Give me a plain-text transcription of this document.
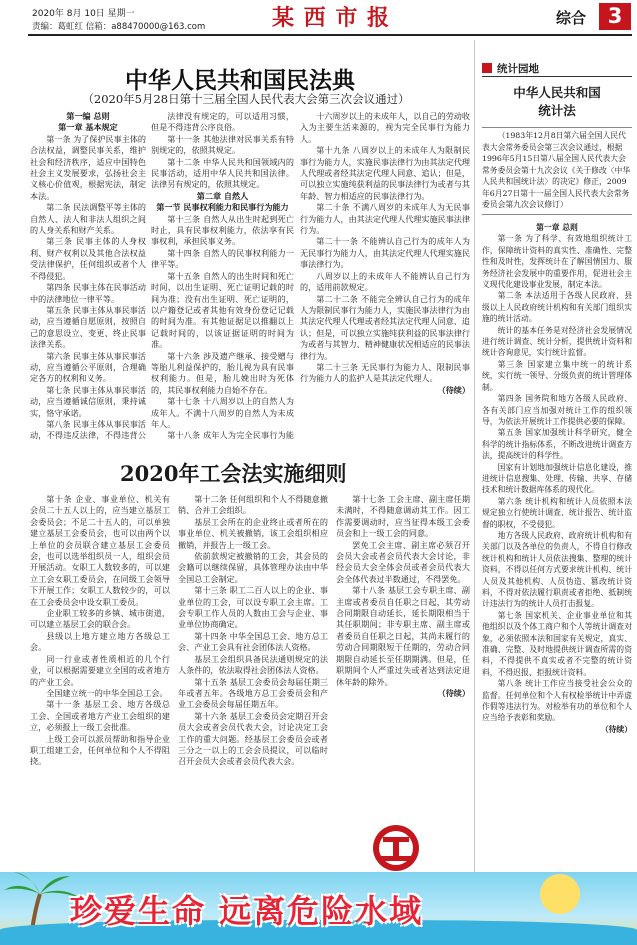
2020年 8月 10日 星期一
责编：葛虹红 信箱：a88470000@163.com	某 西 市 报	综合	3
中华人民共和国民法典
（2020年5月28日第十三届全国人民代表大会第三次会议通过）

第一编 总则

第一章 基本规定

第一条 为了保护民事主体的合法权益，调整民事关系，维护社会和经济秩序，适应中国特色社会主义发展要求，弘扬社会主义核心价值观，根据宪法，制定本法。

第二条 民法调整平等主体的自然人、法人和非法人组织之间的人身关系和财产关系。

第三条 民事主体的人身权利、财产权利以及其他合法权益受法律保护，任何组织或者个人不得侵犯。

第四条 民事主体在民事活动中的法律地位一律平等。

第五条 民事主体从事民事活动，应当遵循自愿原则，按照自己的意思设立、变更、终止民事法律关系。

第六条 民事主体从事民事活动，应当遵循公平原则，合理确定各方的权利和义务。

第七条 民事主体从事民事活动，应当遵循诚信原则，秉持诚实，恪守承诺。

第八条 民事主体从事民事活动，不得违反法律，不得违背公

法律没有规定的，可以适用习惯，但是不得违背公序良俗。

第十一条 其他法律对民事关系有特别规定的，依照其规定。

第十二条 中华人民共和国领域内的民事活动，适用中华人民共和国法律。法律另有规定的，依照其规定。

第二章 自然人

第一节 民事权利能力和民事行为能力

第十三条 自然人从出生时起到死亡时止，具有民事权利能力，依法享有民事权利，承担民事义务。

第十四条 自然人的民事权利能力一律平等。

第十五条 自然人的出生时间和死亡时间，以出生证明、死亡证明记载的时间为准；没有出生证明、死亡证明的，以户籍登记或者其他有效身份登记记载的时间为准。有其他证据足以推翻以上记载时间的，以该证据证明的时间为准。

第十六条 涉及遗产继承、接受赠与等胎儿利益保护的，胎儿视为具有民事权利能力。但是，胎儿娩出时为死体的，其民事权利能力自始不存在。

第十七条 十八周岁以上的自然人为成年人。不满十八周岁的自然人为未成年人。

第十八条 成年人为完全民事行为能

十六周岁以上的未成年人，以自己的劳动收入为主要生活来源的，视为完全民事行为能力人。

第十九条 八周岁以上的未成年人为限制民事行为能力人，实施民事法律行为由其法定代理人代理或者经其法定代理人同意、追认；但是，可以独立实施纯获利益的民事法律行为或者与其年龄、智力相适应的民事法律行为。

第二十条 不满八周岁的未成年人为无民事行为能力人，由其法定代理人代理实施民事法律行为。

第二十一条 不能辨认自己行为的成年人为无民事行为能力人，由其法定代理人代理实施民事法律行为。

八周岁以上的未成年人不能辨认自己行为的，适用前款规定。

第二十二条 不能完全辨认自己行为的成年人为限制民事行为能力人，实施民事法律行为由其法定代理人代理或者经其法定代理人同意、追认；但是，可以独立实施纯获利益的民事法律行为或者与其智力、精神健康状况相适应的民事法律行为。

第二十三条 无民事行为能力人、限制民事行为能力人的监护人是其法定代理人。

（待续）

2020年工会法实施细则

第十条 企业、事业单位、机关有会员二十五人以上的，应当建立基层工会委员会；不足二十五人的，可以单独建立基层工会委员会，也可以由两个以上单位的会员联合建立基层工会委员会，也可以选举组织员一人，组织会员开展活动。女职工人数较多的，可以建立工会女职工委员会，在同级工会领导下开展工作；女职工人数较少的，可以在工会委员会中设女职工委员。

企业职工较多的乡镇、城市街道，可以建立基层工会的联合会。

县级以上地方建立地方各级总工会。

同一行业或者性质相近的几个行业，可以根据需要建立全国的或者地方的产业工会。

全国建立统一的中华全国总工会。

第十一条 基层工会、地方各级总工会、全国或者地方产业工会组织的建立，必须报上一级工会批准。

上级工会可以派员帮助和指导企业职工组建工会，任何单位和个人不得阻挠。

第十二条 任何组织和个人不得随意撤销、合并工会组织。

基层工会所在的企业终止或者所在的事业单位、机关被撤销，该工会组织相应撤销，并报告上一级工会。

依前款规定被撤销的工会，其会员的会籍可以继续保留，具体管理办法由中华全国总工会制定。

第十三条 职工二百人以上的企业、事业单位的工会，可以设专职工会主席。工会专职工作人员的人数由工会与企业、事业单位协商确定。

第十四条 中华全国总工会、地方总工会、产业工会具有社会团体法人资格。

基层工会组织具备民法通则规定的法人条件的，依法取得社会团体法人资格。

第十五条 基层工会委员会每届任期三年或者五年。各级地方总工会委员会和产业工会委员会每届任期五年。

第十六条 基层工会委员会定期召开会员大会或者会员代表大会，讨论决定工会工作的重大问题。经基层工会委员会或者三分之一以上的工会会员提议，可以临时召开会员大会或者会员代表大会。

第十七条 工会主席、副主席任期未满时，不得随意调动其工作。因工作需要调动时，应当征得本级工会委员会和上一级工会的同意。

罢免工会主席、副主席必须召开会员大会或者会员代表大会讨论，非经会员大会全体会员或者会员代表大会全体代表过半数通过，不得罢免。

第十八条 基层工会专职主席、副主席或者委员自任职之日起，其劳动合同期限自动延长，延长期限相当于其任职期间；非专职主席、副主席或者委员自任职之日起，其尚未履行的劳动合同期限短于任期的，劳动合同期限自动延长至任期期满。但是，任职期间个人严重过失或者达到法定退休年龄的除外。

（待续）

统计园地
中华人民共和国
统计法

（1983年12月8日第六届全国人民代表大会常务委员会第三次会议通过，根据1996年5月15日第八届全国人民代表大会常务委员会第十九次会议《关于修改〈中华人民共和国统计法〉的决定》修正，2009年6月27日第十一届全国人民代表大会常务委员会第九次会议修订）

第一章 总则

第一条 为了科学、有效地组织统计工作，保障统计资料的真实性、准确性、完整性和及时性，发挥统计在了解国情国力、服务经济社会发展中的重要作用，促进社会主义现代化建设事业发展，制定本法。

第二条 本法适用于各级人民政府、县级以上人民政府统计机构和有关部门组织实施的统计活动。

统计的基本任务是对经济社会发展情况进行统计调查、统计分析，提供统计资料和统计咨询意见，实行统计监督。

第三条 国家建立集中统一的统计系统，实行统一领导、分级负责的统计管理体制。

第四条 国务院和地方各级人民政府、各有关部门应当加强对统计工作的组织领导，为依法开展统计工作提供必要的保障。

第五条 国家加强统计科学研究，健全科学的统计指标体系，不断改进统计调查方法，提高统计的科学性。

国家有计划地加强统计信息化建设，推进统计信息搜集、处理、传输、共享、存储技术和统计数据库体系的现代化。

第六条 统计机构和统计人员依照本法规定独立行使统计调查、统计报告、统计监督的职权，不受侵犯。

地方各级人民政府、政府统计机构和有关部门以及各单位的负责人，不得自行修改统计机构和统计人员依法搜集、整理的统计资料，不得以任何方式要求统计机构、统计人员及其他机构、人员伪造、篡改统计资料，不得对依法履行职责或者拒绝、抵制统计违法行为的统计人员打击报复。

第七条 国家机关、企业事业单位和其他组织以及个体工商户和个人等统计调查对象，必须依照本法和国家有关规定，真实、准确、完整、及时地提供统计调查所需的资料，不得提供不真实或者不完整的统计资料，不得迟报、拒报统计资料。

第八条 统计工作应当接受社会公众的监督。任何单位和个人有权检举统计中弄虚作假等违法行为。对检举有功的单位和个人应当给予表彰和奖励。

（待续）

珍爱生命 远离危险水域
